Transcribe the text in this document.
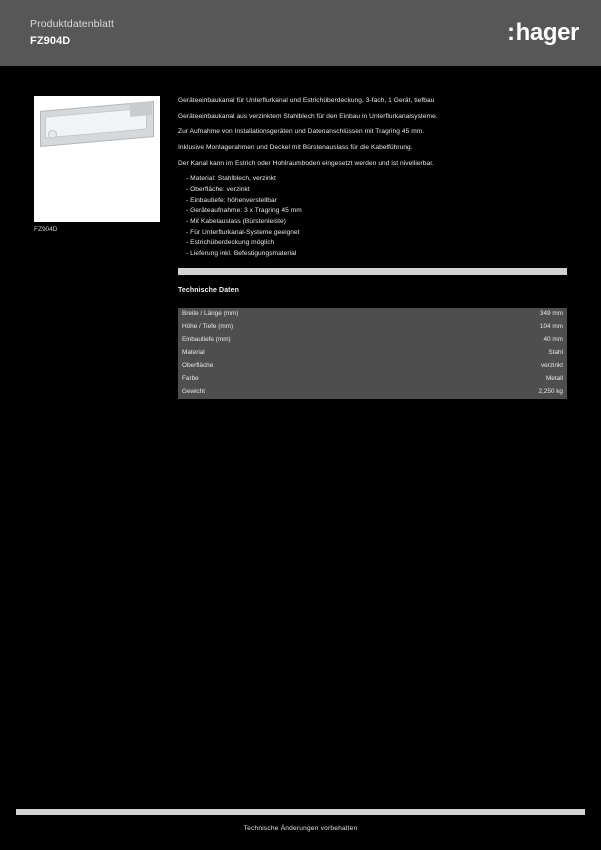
Produktdatenblatt
FZ904D	:hager
FZ904D

Geräteeinbaukanal für Unterflurkanal und Estrichüberdeckung, 3-fach, 1 Gerät, tiefbau

Geräteeinbaukanal aus verzinktem Stahlblech für den Einbau in Unterflurkanalsysteme.

Zur Aufnahme von Installationsgeräten und Datenanschlüssen mit Tragring 45 mm.

Inklusive Montagerahmen und Deckel mit Bürstenauslass für die Kabelführung.

Der Kanal kann im Estrich oder Hohlraumboden eingesetzt werden und ist nivellierbar.

- Material: Stahlblech, verzinkt
- Oberfläche: verzinkt
- Einbautiefe: höhenverstellbar
- Geräteaufnahme: 3 x Tragring 45 mm
- Mit Kabelauslass (Bürstenleiste)
- Für Unterflurkanal-Systeme geeignet
- Estrichüberdeckung möglich
- Lieferung inkl. Befestigungsmaterial
Technische Daten
Breite / Länge (mm)	349 mm
Höhe / Tiefe (mm)	104 mm
Einbautiefe (mm)	40 mm
Material	Stahl
Oberfläche	verzinkt
Farbe	Metall
Gewicht	2,250 kg
Technische Änderungen vorbehalten
